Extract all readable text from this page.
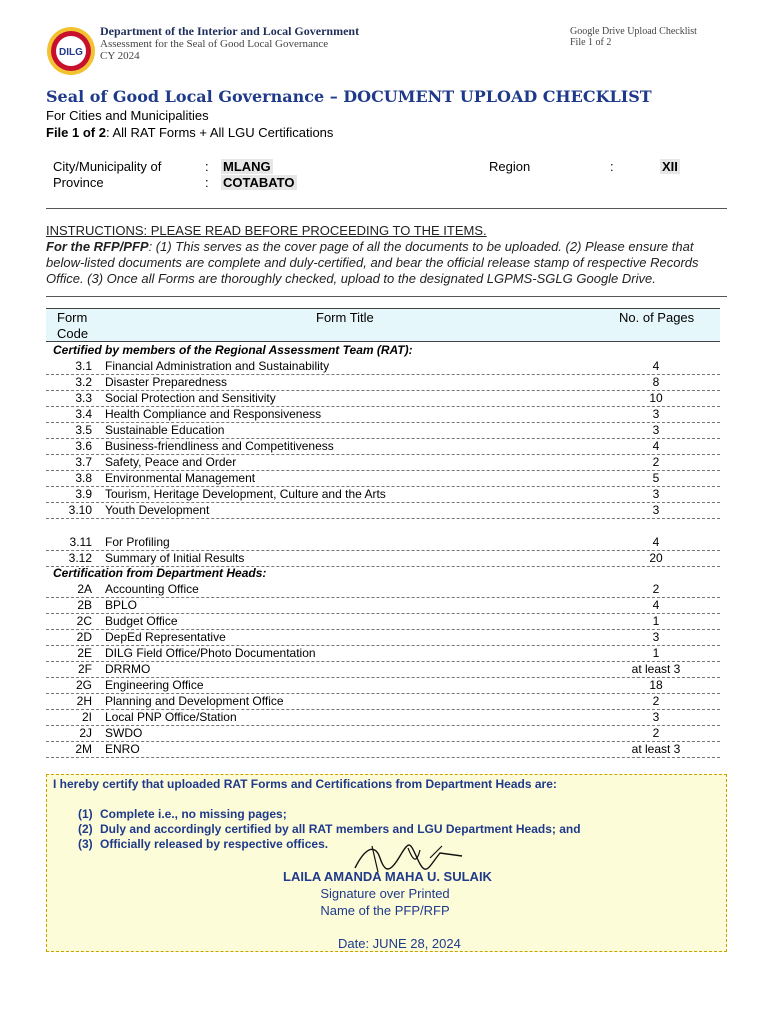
DILG
Department of the Interior and Local Government
Assessment for the Seal of Good Local Governance
CY 2024
Google Drive Upload Checklist
File 1 of 2
Seal of Good Local Governance – DOCUMENT UPLOAD CHECKLIST
For Cities and Municipalities
File 1 of 2: All RAT Forms + All LGU Certifications
City/Municipality of	: MLANG
Province	: COTABATO
Region	:	XII
INSTRUCTIONS: PLEASE READ BEFORE PROCEEDING TO THE ITEMS.
For the RFP/PFP: (1) This serves as the cover page of all the documents to be uploaded. (2) Please ensure that below-listed documents are complete and duly-certified, and bear the official release stamp of respective Records Office. (3) Once all Forms are thoroughly checked, upload to the designated LGPMS-SGLG Google Drive.
Form
Code
Form Title	No. of Pages
Certified by members of the Regional Assessment Team (RAT):
3.1 Financial Administration and Sustainability	4
3.2 Disaster Preparedness	8
3.3 Social Protection and Sensitivity	10
3.4 Health Compliance and Responsiveness	3
3.5 Sustainable Education	3
3.6 Business-friendliness and Competitiveness	4
3.7 Safety, Peace and Order	2
3.8 Environmental Management	5
3.9 Tourism, Heritage Development, Culture and the Arts	3
3.10 Youth Development	3
3.11 For Profiling	4
3.12 Summary of Initial Results	20
Certification from Department Heads:
2A Accounting Office	2
2B BPLO	4
2C Budget Office	1
2D DepEd Representative	3
2E DILG Field Office/Photo Documentation	1
2F DRRMO	at least 3
2G Engineering Office	18
2H Planning and Development Office	2
2I Local PNP Office/Station	3
2J SWDO	2
2M ENRO	at least 3
I hereby certify that uploaded RAT Forms and Certifications from Department Heads are:
(1) Complete i.e., no missing pages;
(2) Duly and accordingly certified by all RAT members and LGU Department Heads; and
(3) Officially released by respective offices.
LAILA AMANDA MAHA U. SULAIK
Signature over Printed
Name of the PFP/RFP
Date: JUNE 28, 2024
